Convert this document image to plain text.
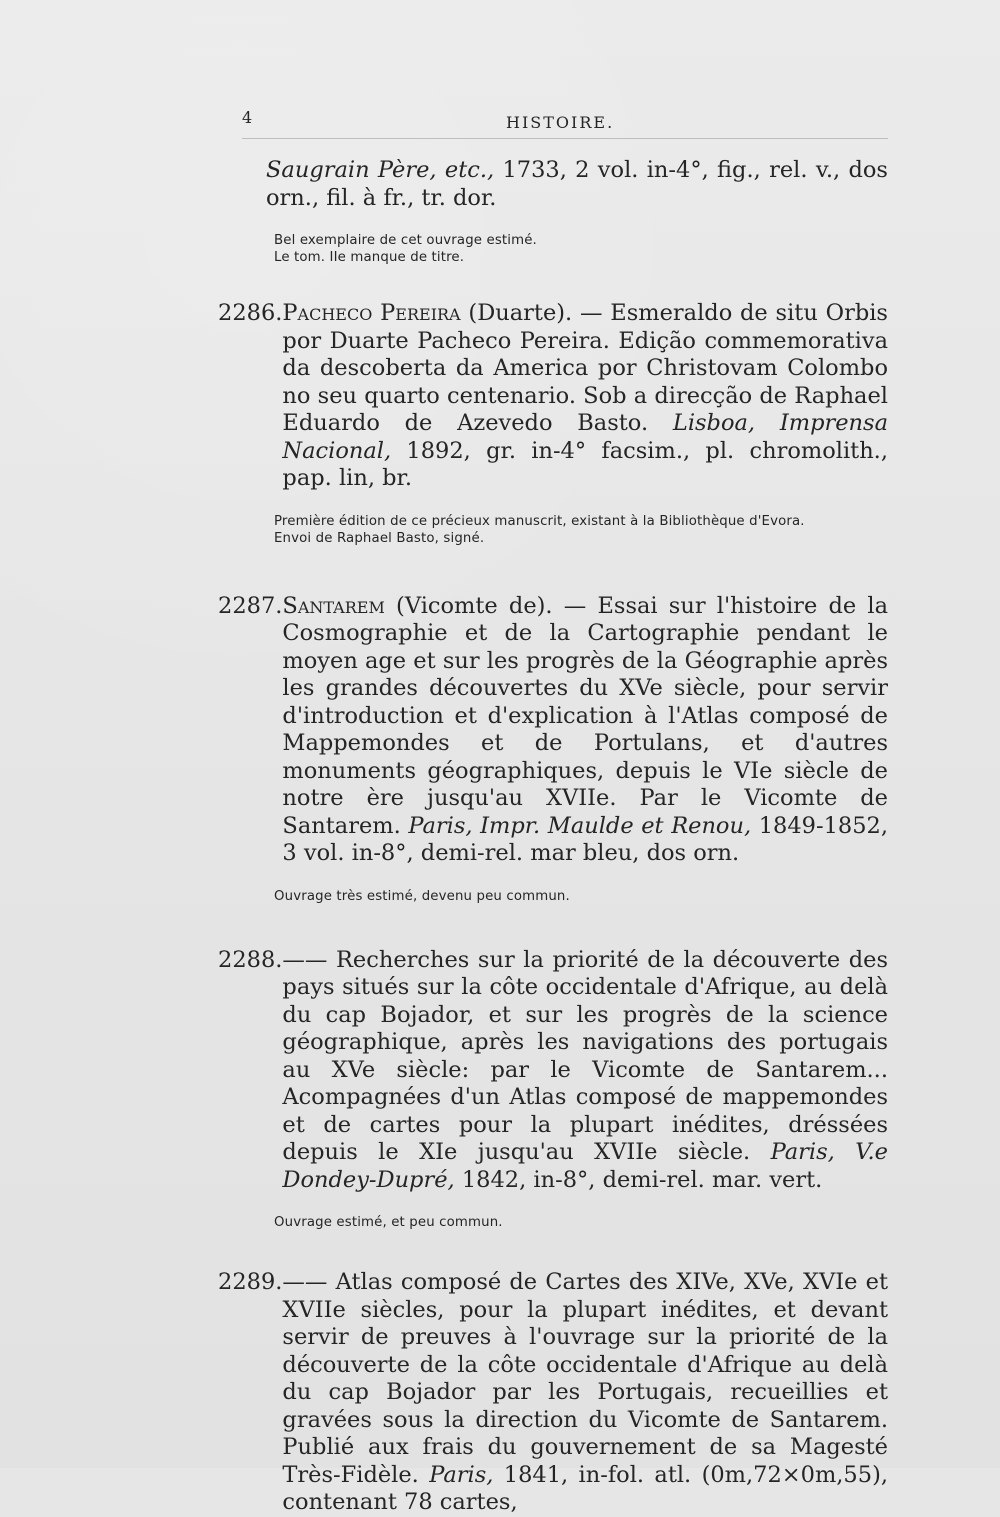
4	HISTOIRE.
Saugrain Père, etc., 1733, 2 vol. in-4°, fig., rel. v., dos orn., fil. à fr., tr. dor.
Bel exemplaire de cet ouvrage estimé.
Le tom. IIe manque de titre.
2286. Pacheco Pereira (Duarte). — Esmeraldo de situ Orbis por Duarte Pacheco Pereira. Edição commemorativa da descoberta da America por Christovam Colombo no seu quarto centenario. Sob a direcção de Raphael Eduardo de Azevedo Basto. Lisboa, Imprensa Nacional, 1892, gr. in-4° facsim., pl. chromolith., pap. lin, br.
Première édition de ce précieux manuscrit, existant à la Bibliothèque d'Evora.
Envoi de Raphael Basto, signé.
2287. Santarem (Vicomte de). — Essai sur l'histoire de la Cosmographie et de la Cartographie pendant le moyen age et sur les progrès de la Géographie après les grandes découvertes du XVe siècle, pour servir d'introduction et d'explication à l'Atlas composé de Mappemondes et de Portulans, et d'autres monuments géographiques, depuis le VIe siècle de notre ère jusqu'au XVIIe. Par le Vicomte de Santarem. Paris, Impr. Maulde et Renou, 1849-1852, 3 vol. in-8°, demi-rel. mar bleu, dos orn.
Ouvrage très estimé, devenu peu commun.
2288. —— Recherches sur la priorité de la découverte des pays situés sur la côte occidentale d'Afrique, au delà du cap Bojador, et sur les progrès de la science géographique, après les navigations des portugais au XVe siècle: par le Vicomte de Santarem... Acompagnées d'un Atlas composé de mappemondes et de cartes pour la plupart inédites, dréssées depuis le XIe jusqu'au XVIIe siècle. Paris, V.e Dondey-Dupré, 1842, in-8°, demi-rel. mar. vert.
Ouvrage estimé, et peu commun.
2289. —— Atlas composé de Cartes des XIVe, XVe, XVIe et XVIIe siècles, pour la plupart inédites, et devant servir de preuves à l'ouvrage sur la priorité de la découverte de la côte occidentale d'Afrique au delà du cap Bojador par les Portugais, recueillies et gravées sous la direction du Vicomte de Santarem. Publié aux frais du gouvernement de sa Magesté Très-Fidèle. Paris, 1841, in-fol. atl. (0m,72×0m,55), contenant 78 cartes,
